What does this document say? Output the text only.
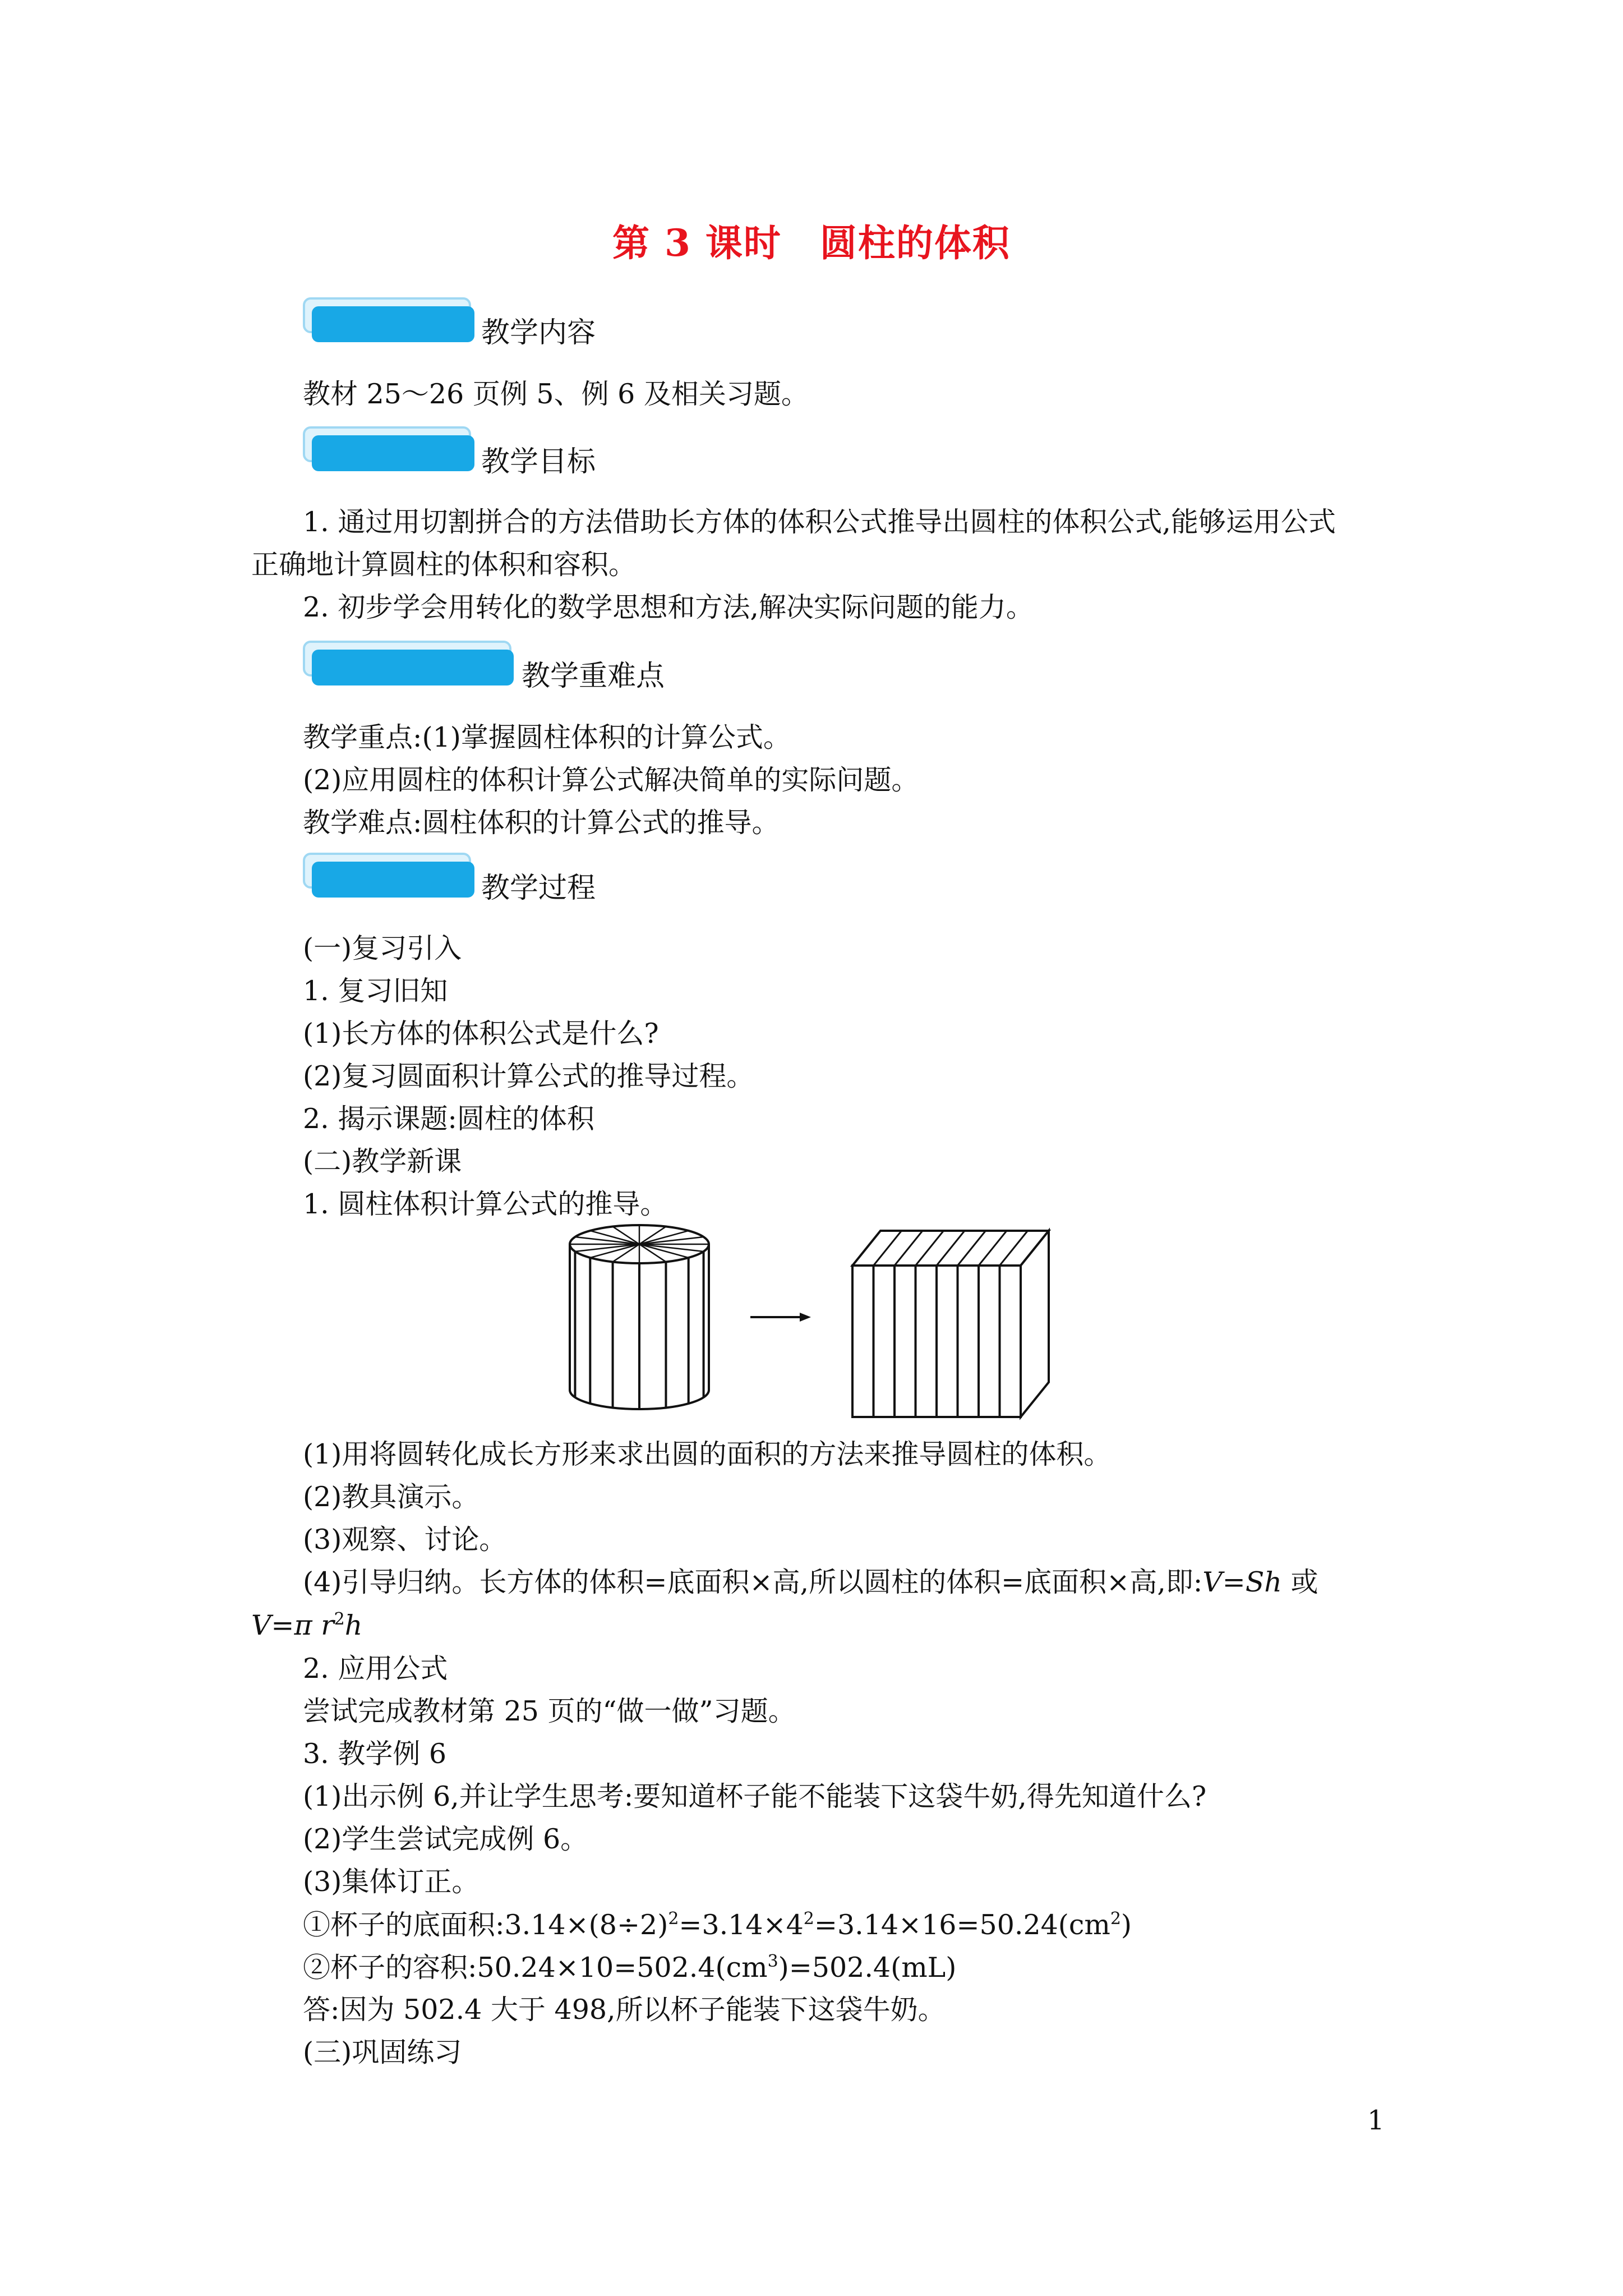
第 3 课时　圆柱的体积
教学内容
教材 25～26 页例 5、例 6 及相关习题。
教学目标
1. 通过用切割拼合的方法借助长方体的体积公式推导出圆柱的体积公式,能够运用公式
正确地计算圆柱的体积和容积。
2. 初步学会用转化的数学思想和方法,解决实际问题的能力。
教学重难点
教学重点:(1)掌握圆柱体积的计算公式。
(2)应用圆柱的体积计算公式解决简单的实际问题。
教学难点:圆柱体积的计算公式的推导。
教学过程
(一)复习引入
1. 复习旧知
(1)长方体的体积公式是什么?
(2)复习圆面积计算公式的推导过程。
2. 揭示课题:圆柱的体积
(二)教学新课
1. 圆柱体积计算公式的推导。
(1)用将圆转化成长方形来求出圆的面积的方法来推导圆柱的体积。
(2)教具演示。
(3)观察、讨论。
(4)引导归纳。长方体的体积=底面积×高,所以圆柱的体积=底面积×高,即:V=Sh 或
V=π $r^2h$
2. 应用公式
尝试完成教材第 25 页的“做一做”习题。
3. 教学例 6
(1)出示例 6,并让学生思考:要知道杯子能不能装下这袋牛奶,得先知道什么?
(2)学生尝试完成例 6。
(3)集体订正。
①杯子的底面积$:3.14\times(8\div 2)^2=3.14\times 4^2=3.14\times 16=50.24(cm^2)$
②杯子的容积$:50.24\times 10=502.4(cm^3)=502.4(mL)$
答:因为 502.4 大于 498,所以杯子能装下这袋牛奶。
(三)巩固练习
1
